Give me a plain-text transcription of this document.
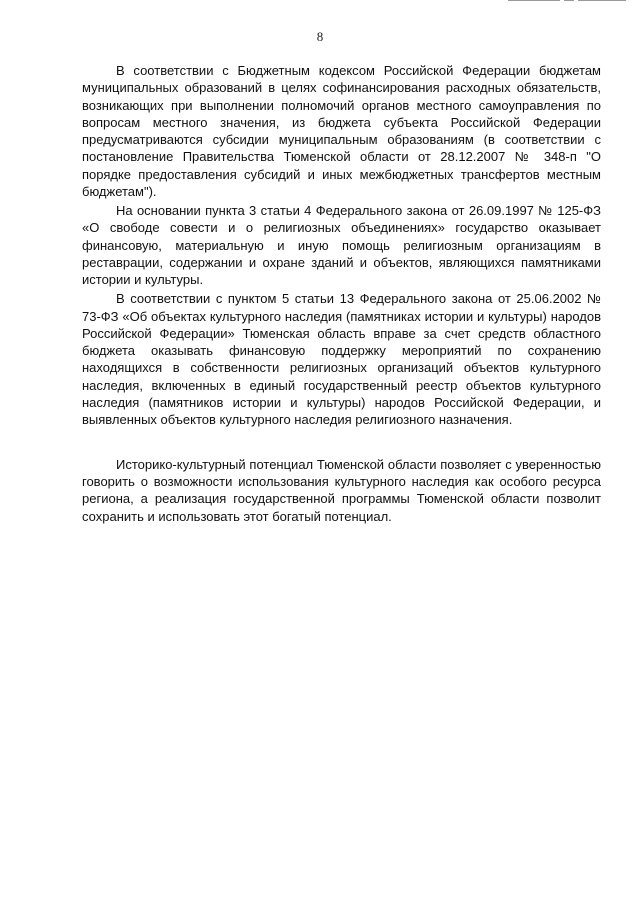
8

В соответствии с Бюджетным кодексом Российской Федерации бюджетам муниципальных образований в целях софинансирования расходных обязательств, возникающих при выполнении полномочий органов местного самоуправления по вопросам местного значения, из бюджета субъекта Российской Федерации предусматриваются субсидии муниципальным образованиям (в соответствии с постановление Правительства Тюменской области от 28.12.2007 № 348-п "О порядке предоставления субсидий и иных межбюджетных трансфертов местным бюджетам").

На основании пункта 3 статьи 4 Федерального закона от 26.09.1997 № 125-ФЗ «О свободе совести и о религиозных объединениях» государство оказывает финансовую, материальную и иную помощь религиозным организациям в реставрации, содержании и охране зданий и объектов, являющихся памятниками истории и культуры.

В соответствии с пунктом 5 статьи 13 Федерального закона от 25.06.2002 № 73-ФЗ «Об объектах культурного наследия (памятниках истории и культуры) народов Российской Федерации» Тюменская область вправе за счет средств областного бюджета оказывать финансовую поддержку мероприятий по сохранению находящихся в собственности религиозных организаций объектов культурного наследия, включенных в единый государственный реестр объектов культурного наследия (памятников истории и культуры) народов Российской Федерации, и выявленных объектов культурного наследия религиозного назначения.

Историко-культурный потенциал Тюменской области позволяет с уверенностью говорить о возможности использования культурного наследия как особого ресурса региона, а реализация государственной программы Тюменской области позволит сохранить и использовать этот богатый потенциал.
